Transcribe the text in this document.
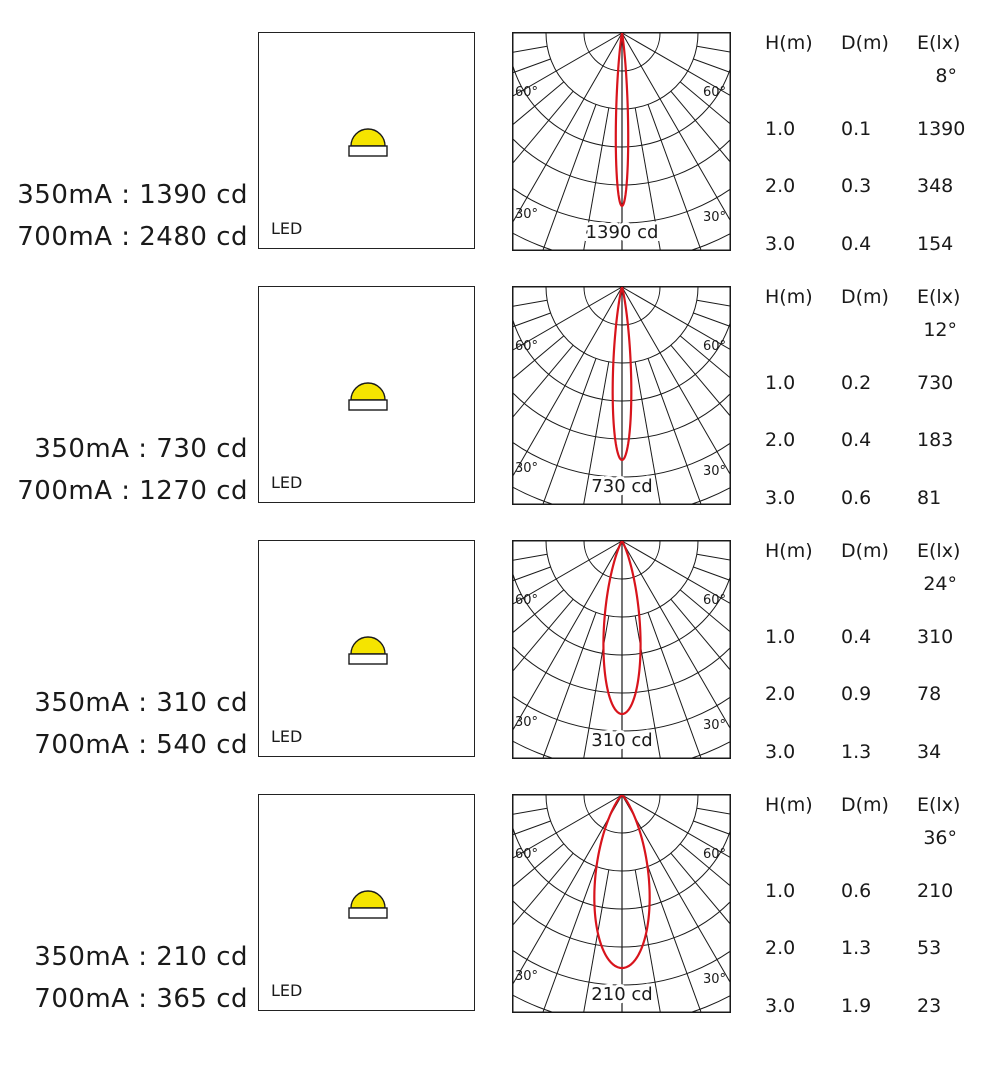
350mA : 1390 cd
700mA : 2480 cd LED
60°	60°
30°	30°
1390 cd
H(m) D(m) E(lx)
8°
1.0 0.1 1390
2.0 0.3 348
3.0 0.4 154
350mA : 730 cd
700mA : 1270 cd LED
60°	60°
30°	30°
730 cd
H(m) D(m) E(lx)
12°
1.0 0.2 730
2.0 0.4 183
3.0 0.6 81
350mA : 310 cd
700mA : 540 cd LED
60°	60°
30°	30°
310 cd
H(m) D(m) E(lx)
24°
1.0 0.4 310
2.0 0.9 78
3.0 1.3 34
350mA : 210 cd
700mA : 365 cd LED
60°	60°
30°	30°
210 cd
H(m) D(m) E(lx)
36°
1.0 0.6 210
2.0 1.3 53
3.0 1.9 23
